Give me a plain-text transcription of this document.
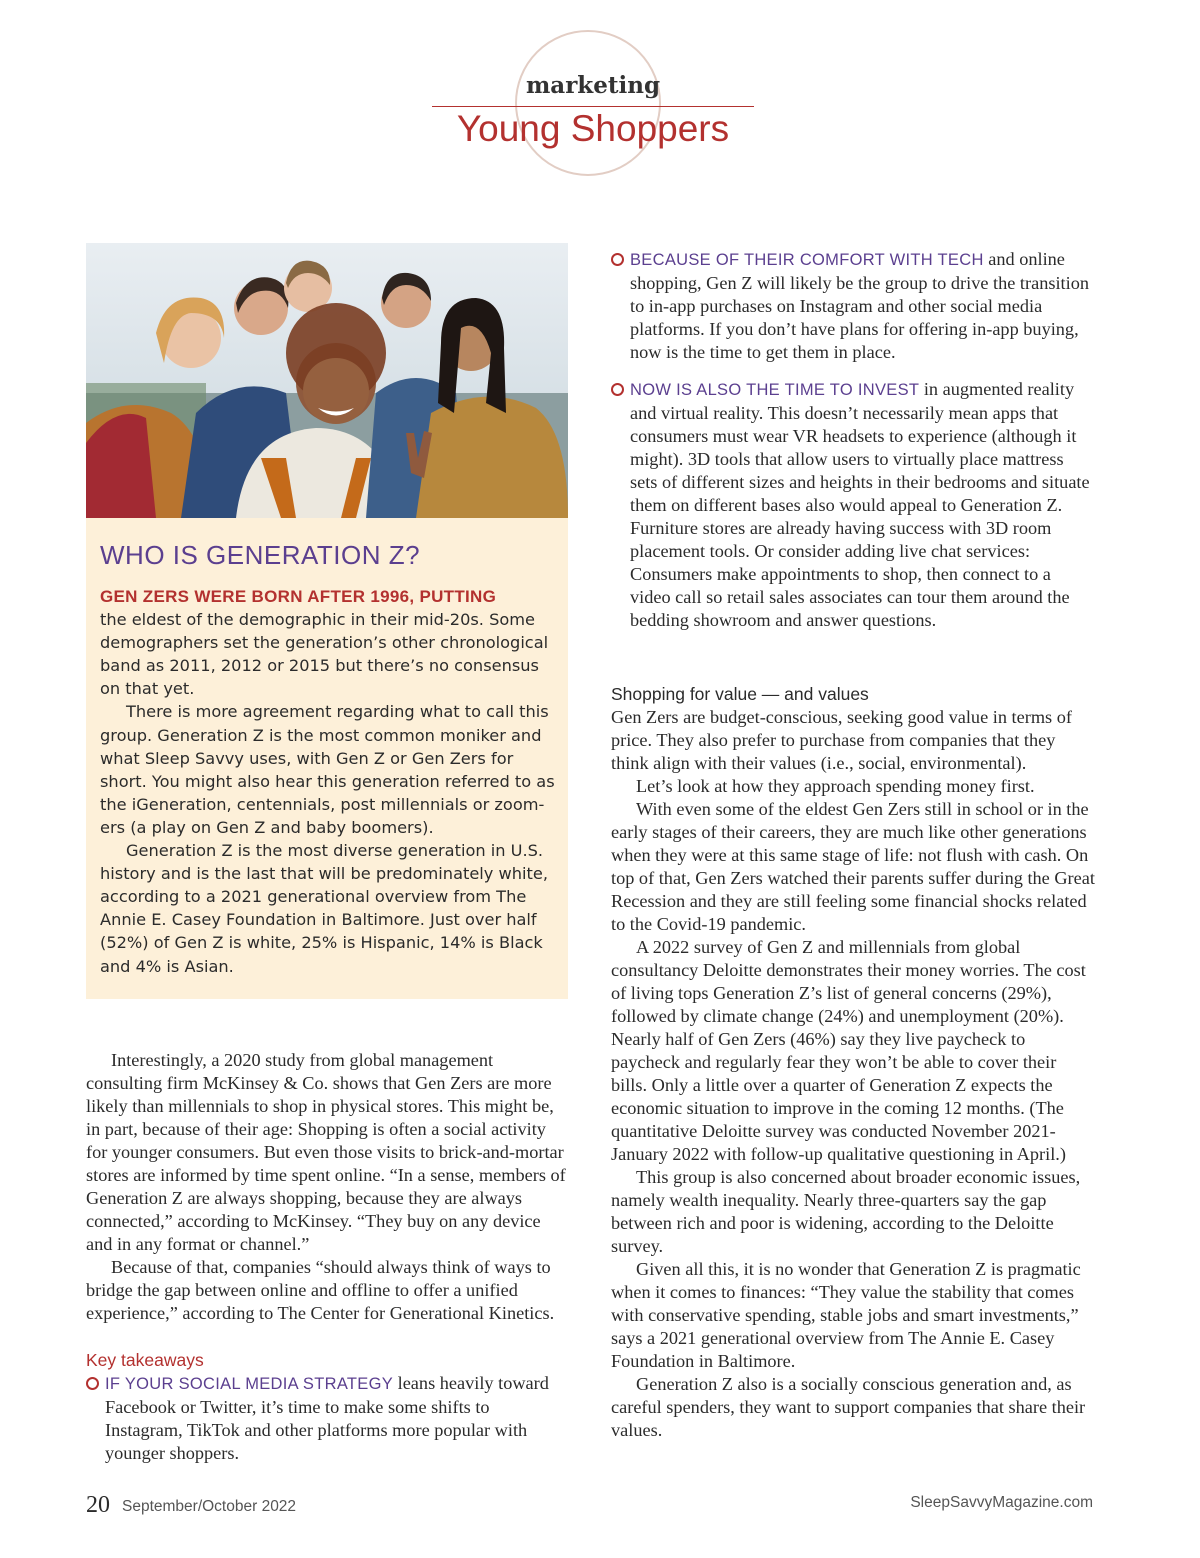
marketing
Young Shoppers
WHO IS GENERATION Z?

GEN ZERS WERE BORN AFTER 1996, PUTTING
the eldest of the demographic in their mid-20s. Some demographers set the generation’s other chronological band as 2011, 2012 or 2015 but there’s no consensus on that yet.

There is more agreement regarding what to call this group. Generation Z is the most common moniker and what Sleep Savvy uses, with Gen Z or Gen Zers for short. You might also hear this generation referred to as the iGeneration, centennials, post millennials or zoomers (a play on Gen Z and baby boomers).

Generation Z is the most diverse generation in U.S. history and is the last that will be predominately white, according to a 2021 generational overview from The Annie E. Casey Foundation in Baltimore. Just over half (52%) of Gen Z is white, 25% is Hispanic, 14% is Black and 4% is Asian.

Interestingly, a 2020 study from global management consulting firm McKinsey & Co. shows that Gen Zers are more likely than millennials to shop in physical stores. This might be, in part, because of their age: Shopping is often a social activity for younger consumers. But even those visits to brick-and-mortar stores are informed by time spent online. “In a sense, members of Generation Z are always shopping, because they are always connected,” according to McKinsey. “They buy on any device and in any format or channel.”

Because of that, companies “should always think of ways to bridge the gap between online and offline to offer a unified experience,” according to The Center for Generational Kinetics.

Key takeaways

IF YOUR SOCIAL MEDIA STRATEGY leans heavily toward Facebook or Twitter, it’s time to make some shifts to Instagram, TikTok and other platforms more popular with younger shoppers.

BECAUSE OF THEIR COMFORT WITH TECH and online shopping, Gen Z will likely be the group to drive the transition to in-app purchases on Instagram and other social media platforms. If you don’t have plans for offering in-app buying, now is the time to get them in place.

NOW IS ALSO THE TIME TO INVEST in augmented reality and virtual reality. This doesn’t necessarily mean apps that consumers must wear VR headsets to experience (although it might). 3D tools that allow users to virtually place mattress sets of different sizes and heights in their bedrooms and situate them on different bases also would appeal to Generation Z. Furniture stores are already having success with 3D room placement tools. Or consider adding live chat services: Consumers make appointments to shop, then connect to a video call so retail sales associates can tour them around the bedding showroom and answer questions.

Shopping for value — and values

Gen Zers are budget-conscious, seeking good value in terms of price. They also prefer to purchase from companies that they think align with their values (i.e., social, environmental).

Let’s look at how they approach spending money first.

With even some of the eldest Gen Zers still in school or in the early stages of their careers, they are much like other generations when they were at this same stage of life: not flush with cash. On top of that, Gen Zers watched their parents suffer during the Great Recession and they are still feeling some financial shocks related to the Covid-19 pandemic.

A 2022 survey of Gen Z and millennials from global consultancy Deloitte demonstrates their money worries. The cost of living tops Generation Z’s list of general concerns (29%), followed by climate change (24%) and unemployment (20%). Nearly half of Gen Zers (46%) say they live paycheck to paycheck and regularly fear they won’t be able to cover their bills. Only a little over a quarter of Generation Z expects the economic situation to improve in the coming 12 months. (The quantitative Deloitte survey was conducted November 2021-January 2022 with follow-up qualitative questioning in April.)

This group is also concerned about broader economic issues, namely wealth inequality. Nearly three-quarters say the gap between rich and poor is widening, according to the Deloitte survey.

Given all this, it is no wonder that Generation Z is pragmatic when it comes to finances: “They value the stability that comes with conservative spending, stable jobs and smart investments,” says a 2021 generational overview from The Annie E. Casey Foundation in Baltimore.

Generation Z also is a socially conscious generation and, as careful spenders, they want to support companies that share their values.

20 September/October 2022	SleepSavvyMagazine.com
